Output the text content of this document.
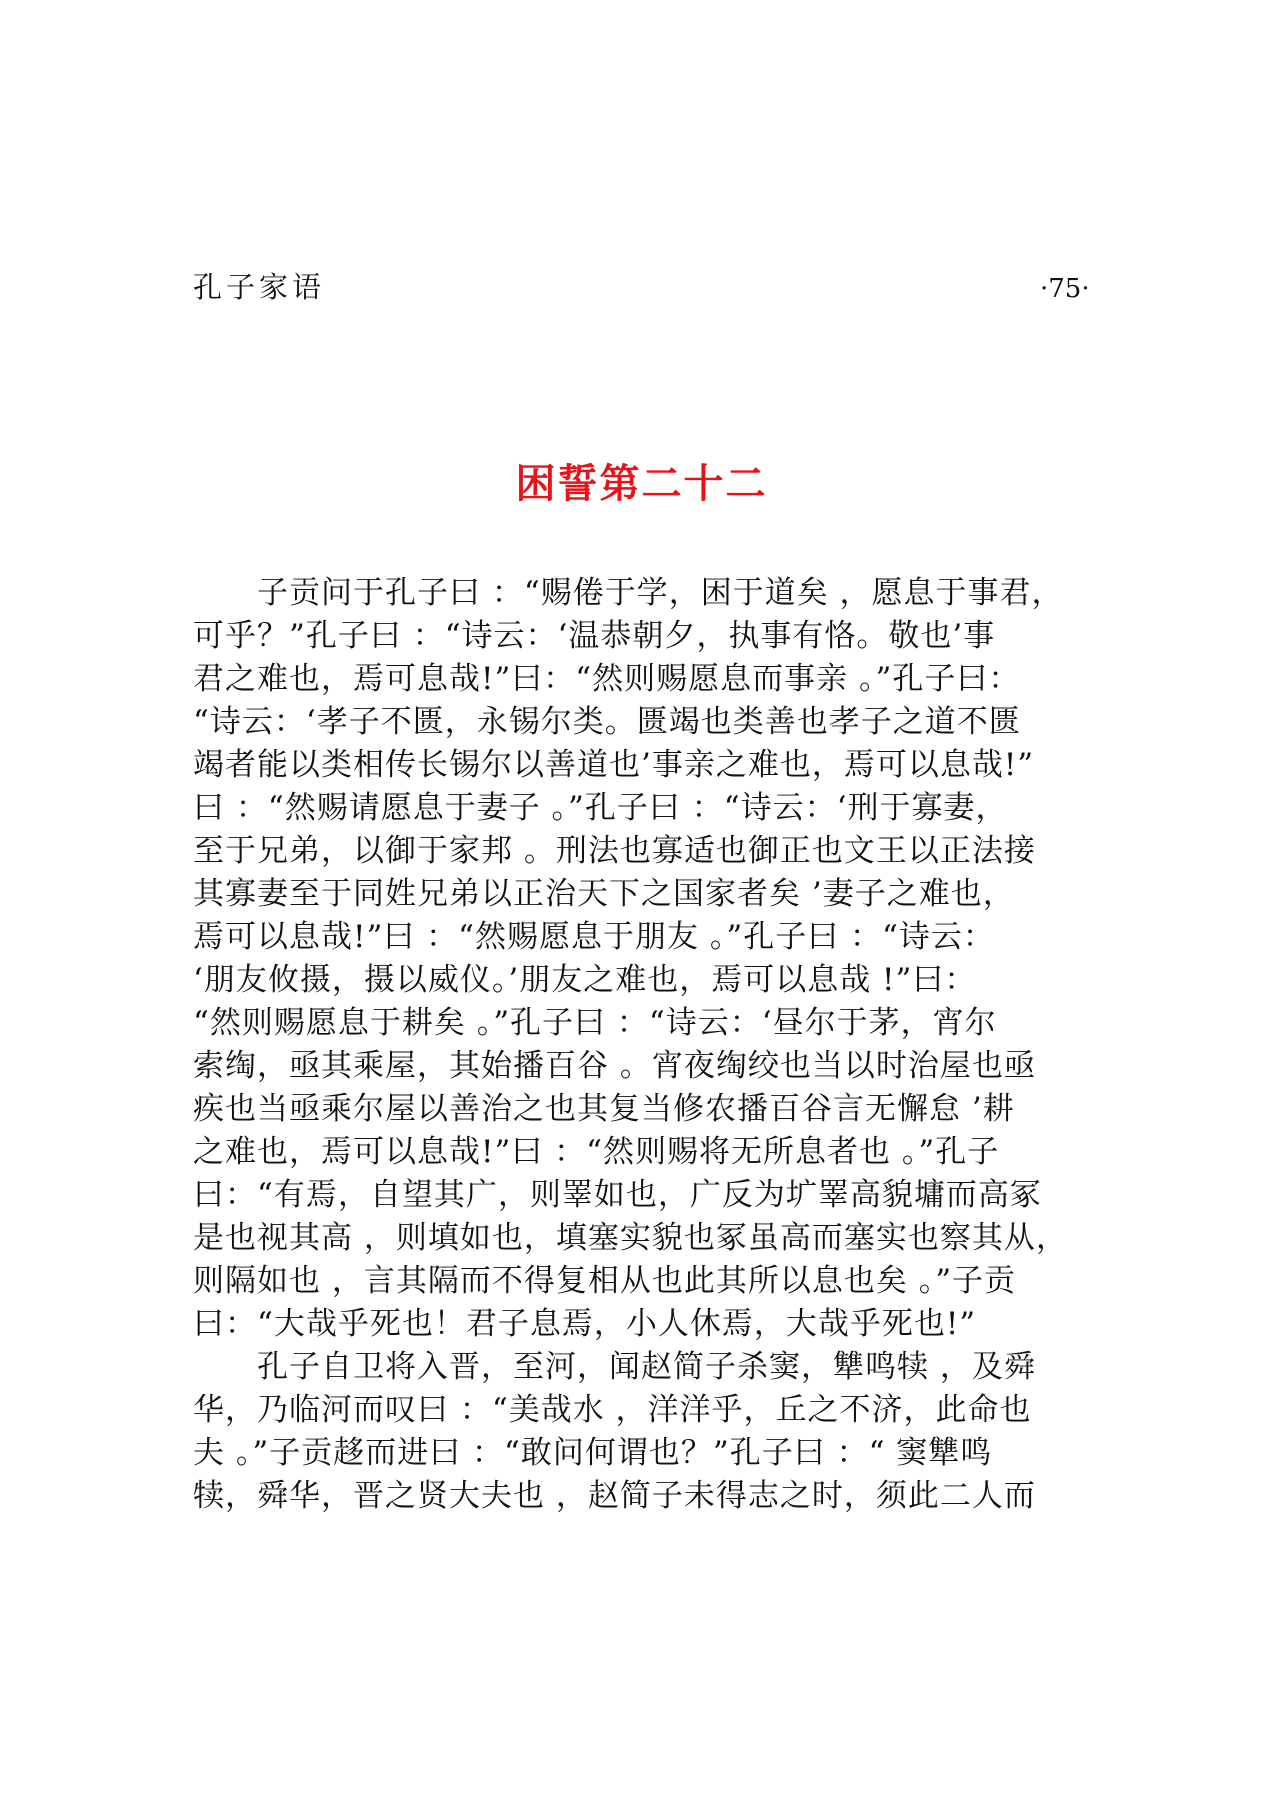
孔子家语	·75·
困誓第二十二
　　子贡问于孔子曰 ：“赐倦于学，困于道矣 ，愿息于事君，
可乎？”孔子曰 ：“诗云：‘温恭朝夕，执事有恪。敬也’事
君之难也，焉可息哉!”曰：“然则赐愿息而事亲 。”孔子曰：
“诗云：‘孝子不匮，永锡尔类。匮竭也类善也孝子之道不匮
竭者能以类相传长锡尔以善道也’事亲之难也，焉可以息哉!”
曰 ：“然赐请愿息于妻子 。”孔子曰 ：“诗云：‘刑于寡妻，
至于兄弟，以御于家邦 。刑法也寡适也御正也文王以正法接
其寡妻至于同姓兄弟以正治天下之国家者矣 ’妻子之难也，
焉可以息哉!”曰 ：“然赐愿息于朋友 。”孔子曰 ：“诗云：
‘朋友攸摄，摄以威仪。’朋友之难也，焉可以息哉 !”曰：
“然则赐愿息于耕矣 。”孔子曰 ：“诗云：‘昼尔于茅，宵尔
索绹，亟其乘屋，其始播百谷 。宵夜绹绞也当以时治屋也亟
疾也当亟乘尔屋以善治之也其复当修农播百谷言无懈怠 ’耕
之难也，焉可以息哉!”曰 ：“然则赐将无所息者也 。”孔子
曰：“有焉，自望其广，则睪如也，广反为圹睪高貌墉而高冢
是也视其高 ，则填如也，填塞实貌也冢虽高而塞实也察其从，
则隔如也 ，言其隔而不得复相从也此其所以息也矣 。”子贡
曰：“大哉乎死也！君子息焉，小人休焉，大哉乎死也!”
　　孔子自卫将入晋，至河，闻赵简子杀窦，犨鸣犊 ，及舜
华，乃临河而叹曰 ：“美哉水 ，洋洋乎，丘之不济，此命也
夫 。”子贡趍而进曰 ：“敢问何谓也？”孔子曰 ：“ 窦犨鸣
犊，舜华，晋之贤大夫也 ，赵简子未得志之时，须此二人而
